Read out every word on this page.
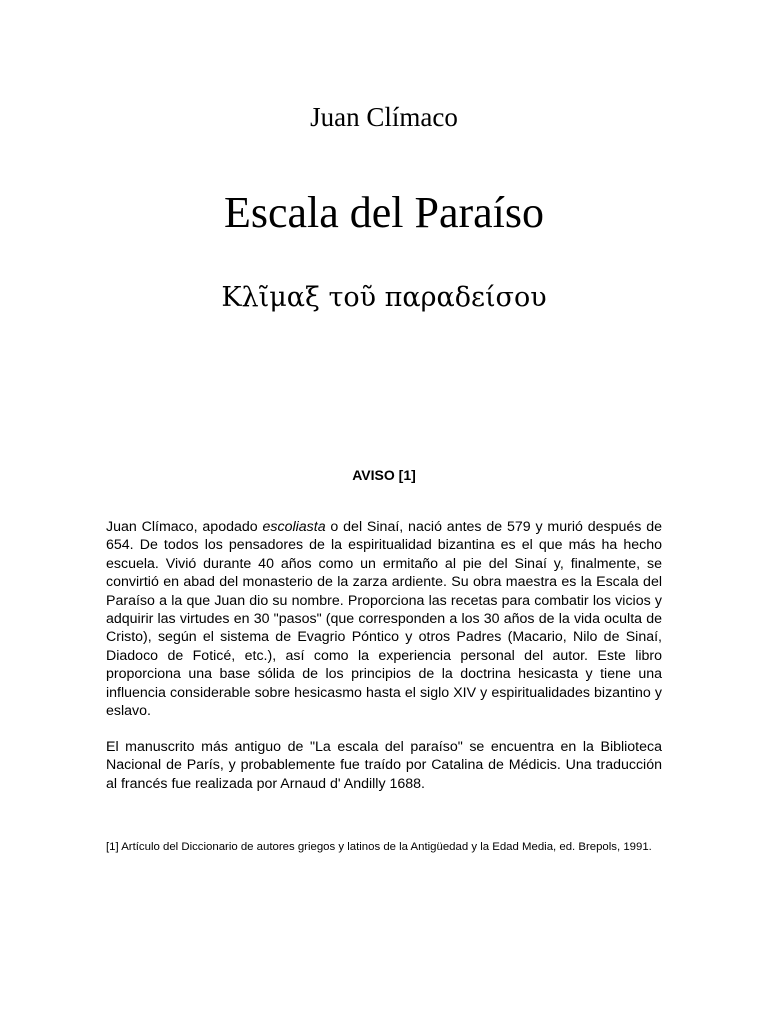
Juan Clímaco
Escala del Paraíso
Κλῖμαξ τοῦ παραδείσου
AVISO [1]

Juan Clímaco, apodado escoliasta o del Sinaí, nació antes de 579 y murió después de 654. De todos los pensadores de la espiritualidad bizantina es el que más ha hecho escuela. Vivió durante 40 años como un ermitaño al pie del Sinaí y, finalmente, se convirtió en abad del monasterio de la zarza ardiente. Su obra maestra es la Escala del Paraíso a la que Juan dio su nombre. Proporciona las recetas para combatir los vicios y adquirir las virtudes en 30 "pasos" (que corresponden a los 30 años de la vida oculta de Cristo), según el sistema de Evagrio Póntico y otros Padres (Macario, Nilo de Sinaí, Diadoco de Foticé, etc.), así como la experiencia personal del autor. Este libro proporciona una base sólida de los principios de la doctrina hesicasta y tiene una influencia considerable sobre hesicasmo hasta el siglo XIV y espiritualidades bizantino y eslavo.

El manuscrito más antiguo de "La escala del paraíso" se encuentra en la Biblioteca Nacional de París, y probablemente fue traído por Catalina de Médicis. Una traducción al francés fue realizada por Arnaud d' Andilly 1688.

[1] Artículo del Diccionario de autores griegos y latinos de la Antigüedad y la Edad Media, ed. Brepols, 1991.
